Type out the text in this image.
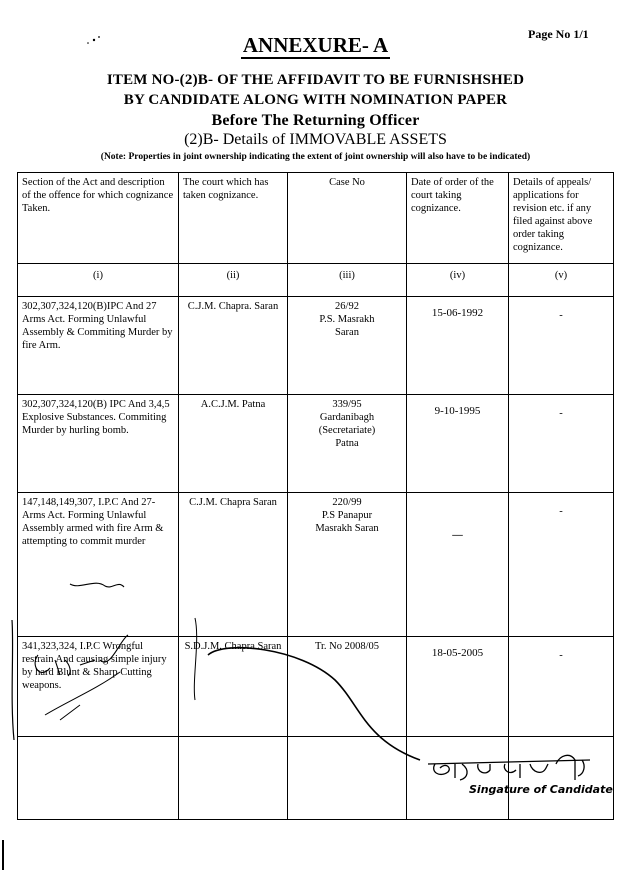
Page No 1/1
ANNEXURE- A
ITEM NO-(2)B- OF THE AFFIDAVIT TO BE FURNISHSHED
BY CANDIDATE ALONG WITH NOMINATION PAPER
Before The Returning Officer
(2)B- Details of IMMOVABLE ASSETS
(Note: Properties in joint ownership indicating the extent of joint ownership will also have to be indicated)
Section of the Act and description of the offence for which cognizance Taken.	The court which has taken cognizance.	Case No	Date of order of the court taking cognizance.	Details of appeals/ applications for revision etc. if any filed against above order taking cognizance.
(i)	(ii)	(iii)	(iv)	(v)
302,307,324,120(B)IPC And 27 Arms Act. Forming Unlawful Assembly & Commiting Murder by fire Arm.	C.J.M. Chapra. Saran	26/92
P.S. Masrakh
Saran	15-06-1992	-
302,307,324,120(B) IPC And 3,4,5 Explosive Substances. Commiting Murder by hurling bomb.	A.C.J.M. Patna	339/95
Gardanibagh
(Secretariate)
Patna	9-10-1995	-
147,148,149,307, I.P.C And 27- Arms Act. Forming Unlawful Assembly armed with fire Arm & attempting to commit murder	C.J.M. Chapra Saran	220/99
P.S Panapur
Masrakh Saran	—	-
341,323,324, I.P.C Wrongful restrain And causing simple injury by hard Blunt & Sharp Cutting weapons.	S.D.J.M. Chapra Saran	Tr. No 2008/05	18-05-2005	-

Singature of Candidate
